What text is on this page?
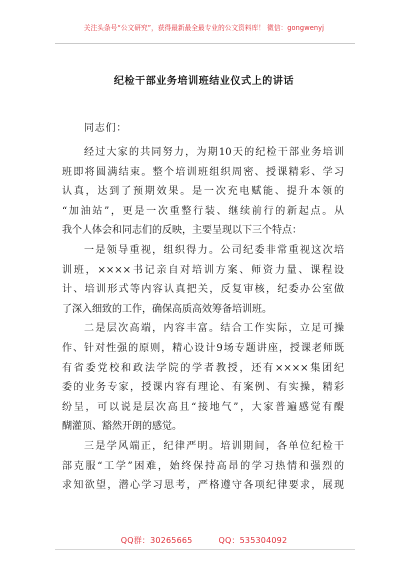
关注头条号“公文研究”，获得最新最全最专业的公文资料库！ 微信：gongwenyj
纪检干部业务培训班结业仪式上的讲话
同志们：
经过大家的共同努力，为期10天的纪检干部业务培训
班即将圆满结束。整个培训班组织周密、授课精彩、学习
认真，达到了预期效果。是一次充电赋能、提升本领的
“加油站”，更是一次重整行装、继续前行的新起点。从
我个人体会和同志们的反映，主要呈现以下三个特点：
一是领导重视，组织得力。公司纪委非常重视这次培
训班，××××书记亲自对培训方案、师资力量、课程设
计、培训形式等内容认真把关，反复审核，纪委办公室做
了深入细致的工作，确保高质高效筹备培训班。
二是层次高端，内容丰富。结合工作实际，立足可操
作、针对性强的原则，精心设计9场专题讲座，授课老师既
有省委党校和政法学院的学者教授，还有××××集团纪
委的业务专家，授课内容有理论、有案例、有实操，精彩
纷呈，可以说是层次高且“接地气”，大家普遍感觉有醍
醐灌顶、豁然开朗的感觉。
三是学风端正，纪律严明。培训期间，各单位纪检干
部克服“工学”困难，始终保持高昂的学习热情和强烈的
求知欲望，潜心学习思考，严格遵守各项纪律要求，展现
QQ群：30265665	QQ：535304092
